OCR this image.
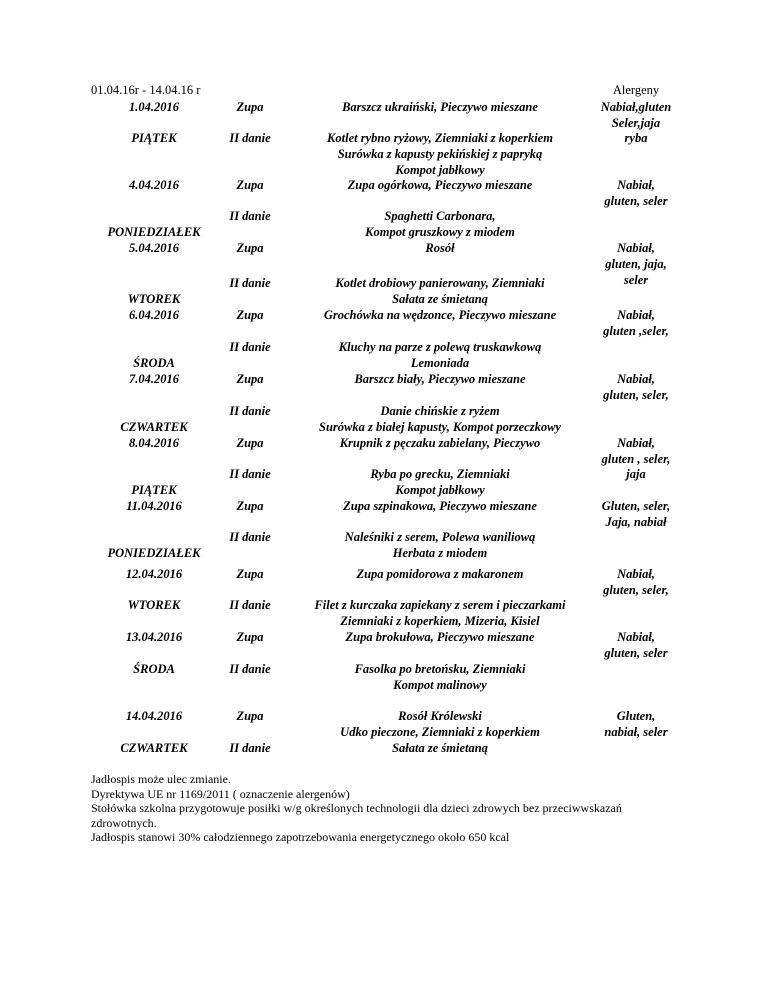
01.04.16r - 14.04.16 r	Alergeny
1.04.2016
PIĄTEK
4.04.2016
PONIEDZIAŁEK
5.04.2016
WTOREK
6.04.2016
ŚRODA
7.04.2016
CZWARTEK
8.04.2016
PIĄTEK
11.04.2016
PONIEDZIAŁEK
12.04.2016
WTOREK
13.04.2016
ŚRODA
14.04.2016
CZWARTEK
Zupa
II danie
Zupa
II danie
Zupa
II danie
Zupa
II danie
Zupa
II danie
Zupa
II danie
Zupa
II danie
Zupa
II danie
Zupa
II danie
Zupa
II danie
Barszcz ukraiński, Pieczywo mieszane
Kotlet rybno ryżowy, Ziemniaki z koperkiem
Surówka z kapusty pekińskiej z papryką
Kompot jabłkowy
Zupa ogórkowa, Pieczywo mieszane
Spaghetti Carbonara,
Kompot gruszkowy z miodem
Rosół
Kotlet drobiowy panierowany, Ziemniaki
Sałata ze śmietaną
Grochówka na wędzonce, Pieczywo mieszane
Kluchy na parze z polewą truskawkową
Lemoniada
Barszcz biały, Pieczywo mieszane
Danie chińskie z ryżem
Surówka z białej kapusty, Kompot porzeczkowy
Krupnik z pęczaku zabielany, Pieczywo
Ryba po grecku, Ziemniaki
Kompot jabłkowy
Zupa szpinakowa, Pieczywo mieszane
Naleśniki z serem, Polewa waniliową
Herbata z miodem
Zupa pomidorowa z makaronem
Filet z kurczaka zapiekany z serem i pieczarkami
Ziemniaki z koperkiem, Mizeria, Kisiel
Zupa brokułowa, Pieczywo mieszane
Fasolka po bretońsku, Ziemniaki
Kompot malinowy
Rosół Królewski
Udko pieczone, Ziemniaki z koperkiem
Sałata ze śmietaną
Nabiał,gluten
Seler,jaja
ryba
Nabiał,
gluten, seler
Nabiał,
gluten, jaja,
seler
Nabiał,
gluten ,seler,
Nabiał,
gluten, seler,
Nabiał,
gluten , seler,
jaja
Gluten, seler,
Jaja, nabiał
Nabiał,
gluten, seler,
Nabiał,
gluten, seler
Gluten,
nabiał, seler
Jadłospis może ulec zmianie.
Dyrektywa UE nr 1169/2011 ( oznaczenie alergenów)
Stołówka szkolna przygotowuje posiłki w/g określonych technologii dla dzieci zdrowych bez przeciwwskazań
zdrowotnych.
Jadłospis stanowi 30% całodziennego zapotrzebowania energetycznego około 650 kcal
